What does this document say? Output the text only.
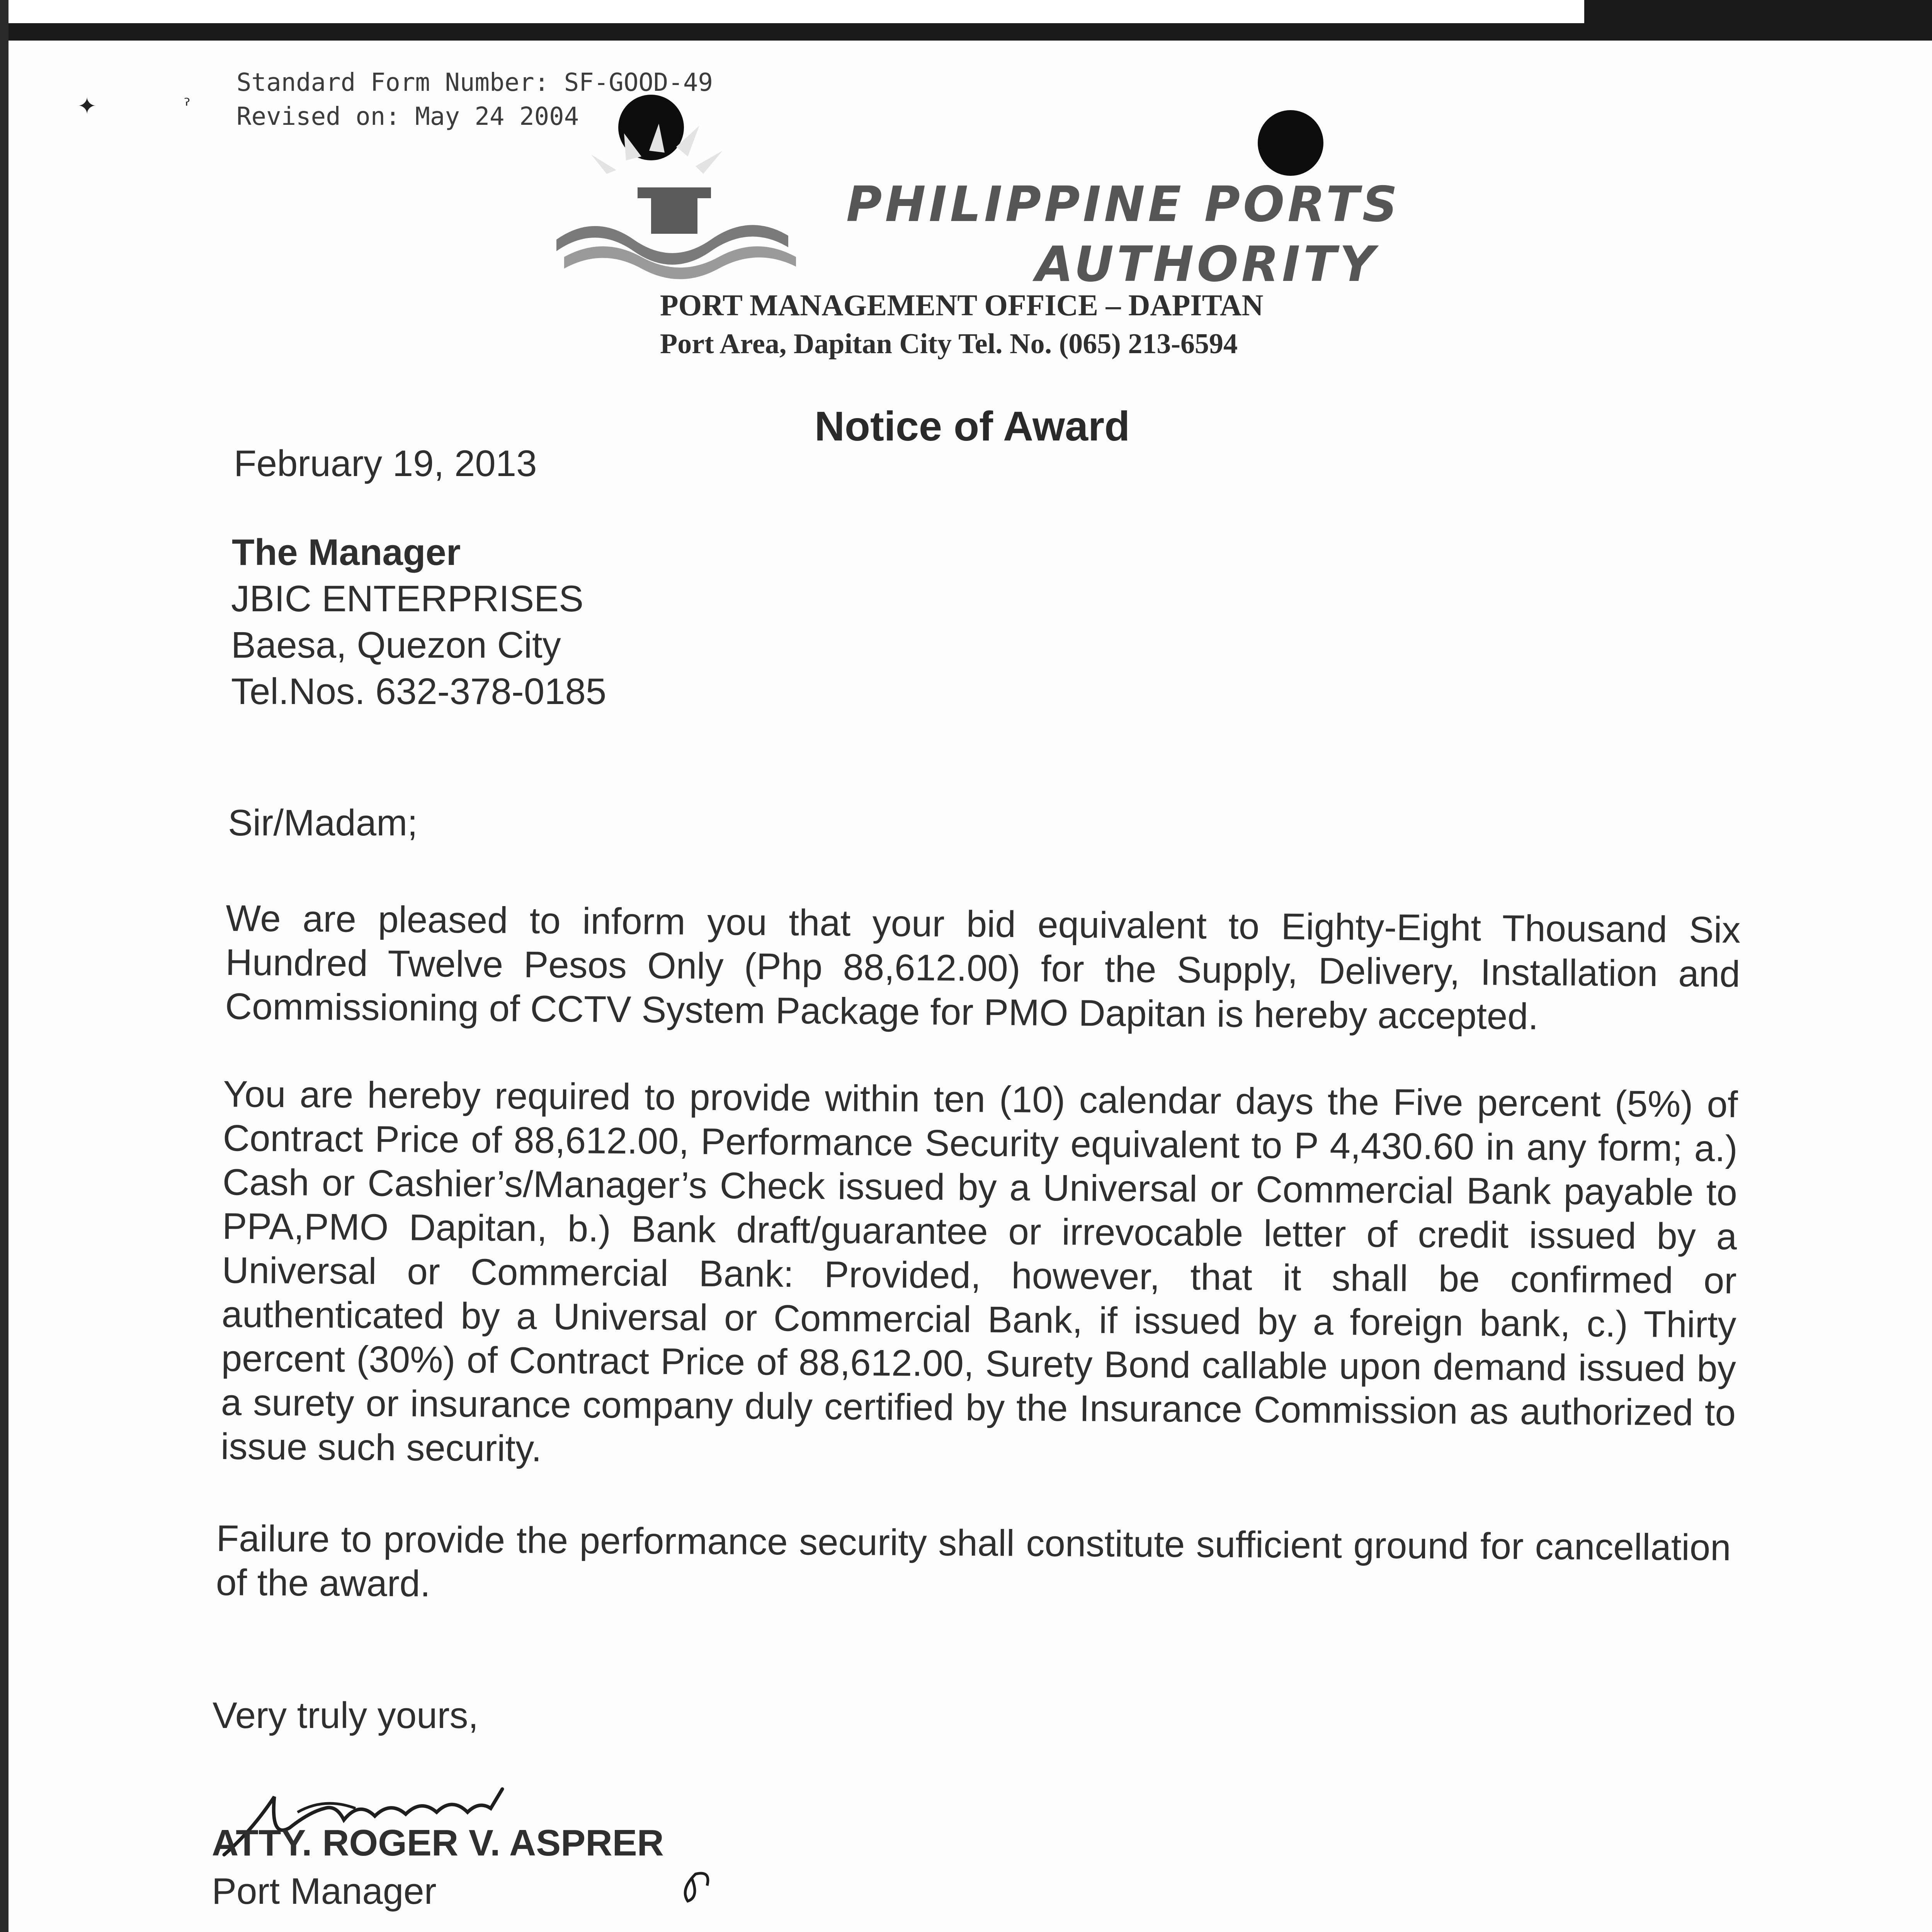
✦	ˀ
Standard Form Number: SF-GOOD-49
Revised on: May 24 2004
PHILIPPINE PORTS
AUTHORITY
PORT MANAGEMENT OFFICE – DAPITAN
Port Area, Dapitan City Tel. No. (065) 213-6594
Notice of Award
February 19, 2013
The Manager
JBIC ENTERPRISES
Baesa, Quezon City
Tel.Nos. 632-378-0185
Sir/Madam;
We are pleased to inform you that your bid equivalent to Eighty-Eight Thousand Six Hundred Twelve Pesos Only (Php 88,612.00) for the Supply, Delivery, Installation and Commissioning of CCTV System Package for PMO Dapitan is hereby accepted.
You are hereby required to provide within ten (10) calendar days the Five percent (5%) of Contract Price of 88,612.00, Performance Security equivalent to P 4,430.60 in any form; a.) Cash or Cashier’s/Manager’s Check issued by a Universal or Commercial Bank payable to PPA,PMO Dapitan, b.) Bank draft/guarantee or irrevocable letter of credit issued by a Universal or Commercial Bank: Provided, however, that it shall be confirmed or authenticated by a Universal or Commercial Bank, if issued by a foreign bank, c.) Thirty percent (30%) of Contract Price of 88,612.00, Surety Bond callable upon demand issued by a surety or insurance company duly certified by the Insurance Commission as authorized to issue such security.
Failure to provide the performance security shall constitute sufficient ground for cancellation of the award.
Very truly yours,
ATTY. ROGER V. ASPRER
Port Manager
